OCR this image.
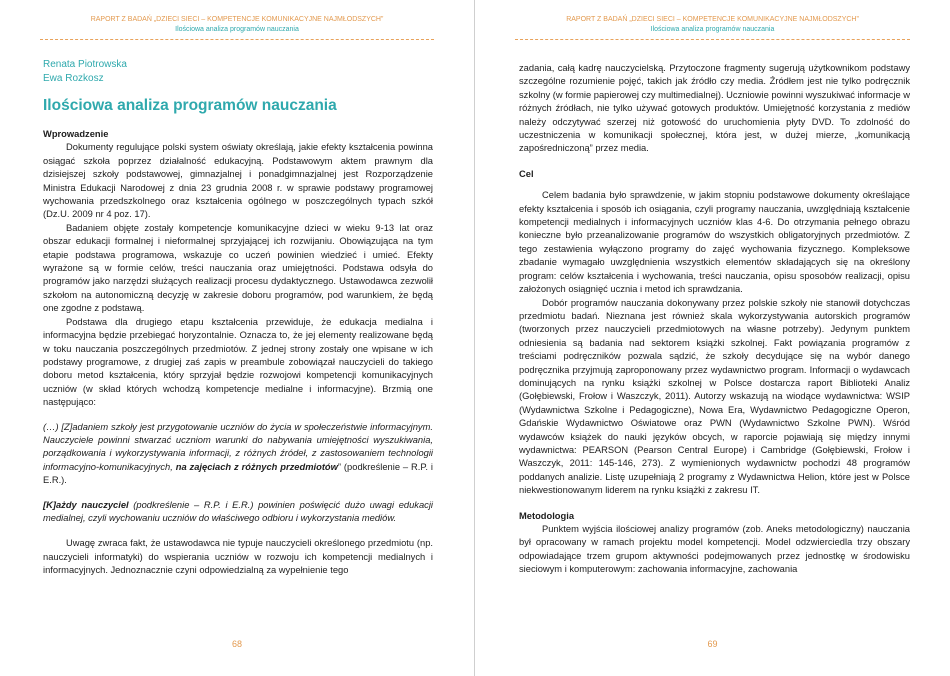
RAPORT Z BADAŃ „DZIECI SIECI – KOMPETENCJE KOMUNIKACYJNE NAJMŁODSZYCH”
Ilościowa analiza programów nauczania
Renata Piotrowska
Ewa Rozkosz
Ilościowa analiza programów nauczania

Wprowadzenie

Dokumenty regulujące polski system oświaty określają, jakie efekty kształcenia powinna osiągać szkoła poprzez działalność edukacyjną. Podstawowym aktem prawnym dla dzisiejszej szkoły podstawowej, gimnazjalnej i ponadgimnazjalnej jest Rozporządzenie Ministra Edukacji Narodowej z dnia 23 grudnia 2008 r. w sprawie podstawy programowej wychowania przedszkolnego oraz kształcenia ogólnego w poszczególnych typach szkół (Dz.U. 2009 nr 4 poz. 17).

Badaniem objęte zostały kompetencje komunikacyjne dzieci w wieku 9-13 lat oraz obszar edukacji formalnej i nieformalnej sprzyjającej ich rozwijaniu. Obowiązująca na tym etapie podstawa programowa, wskazuje co uczeń powinien wiedzieć i umieć. Efekty wyrażone są w formie celów, treści nauczania oraz umiejętności. Podstawa odsyła do programów jako narzędzi służących realizacji procesu dydaktycznego. Ustawodawca zezwolił szkołom na autonomiczną decyzję w zakresie doboru programów, pod warunkiem, że będą one zgodne z podstawą.

Podstawa dla drugiego etapu kształcenia przewiduje, że edukacja medialna i informacyjna będzie przebiegać horyzontalnie. Oznacza to, że jej elementy realizowane będą w toku nauczania poszczególnych przedmiotów. Z jednej strony zostały one wpisane w ich podstawy programowe, z drugiej zaś zapis w preambule zobowiązał nauczycieli do takiego doboru metod kształcenia, który sprzyjał będzie rozwojowi kompetencji komunikacyjnych uczniów (w skład których wchodzą kompetencje medialne i informacyjne). Brzmią one następująco:

(…) [Z]adaniem szkoły jest przygotowanie uczniów do życia w społeczeństwie informacyjnym. Nauczyciele powinni stwarzać uczniom warunki do nabywania umiejętności wyszukiwania, porządkowania i wykorzystywania informacji, z różnych źródeł, z zastosowaniem technologii informacyjno-komunikacyjnych, na zajęciach z różnych przedmiotów” (podkreślenie – R.P. i E.R.).

[K]ażdy nauczyciel (podkreślenie – R.P. i E.R.) powinien poświęcić dużo uwagi edukacji medialnej, czyli wychowaniu uczniów do właściwego odbioru i wykorzystania mediów.

Uwagę zwraca fakt, że ustawodawca nie typuje nauczycieli określonego przedmiotu (np. nauczycieli informatyki) do wspierania uczniów w rozwoju ich kompetencji medialnych i informacyjnych. Jednoznacznie czyni odpowiedzialną za wypełnienie tego

68
RAPORT Z BADAŃ „DZIECI SIECI – KOMPETENCJE KOMUNIKACYJNE NAJMŁODSZYCH”
Ilościowa analiza programów nauczania

zadania, całą kadrę nauczycielską. Przytoczone fragmenty sugerują użytkownikom podstawy szczególne rozumienie pojęć, takich jak źródło czy media. Źródłem jest nie tylko podręcznik szkolny (w formie papierowej czy multimedialnej). Uczniowie powinni wyszukiwać informacje w różnych źródłach, nie tylko używać gotowych produktów. Umiejętność korzystania z mediów należy odczytywać szerzej niż gotowość do uruchomienia płyty DVD. To zdolność do uczestniczenia w komunikacji społecznej, która jest, w dużej mierze, „komunikacją zapośredniczoną” przez media.

Cel

Celem badania było sprawdzenie, w jakim stopniu podstawowe dokumenty określające efekty kształcenia i sposób ich osiągania, czyli programy nauczania, uwzględniają kształcenie kompetencji medialnych i informacyjnych uczniów klas 4-6. Do otrzymania pełnego obrazu konieczne było przeanalizowanie programów do wszystkich obligatoryjnych przedmiotów. Z tego zestawienia wyłączono programy do zajęć wychowania fizycznego. Kompleksowe zbadanie wymagało uwzględnienia wszystkich elementów składających się na określony program: celów kształcenia i wychowania, treści nauczania, opisu sposobów realizacji, opisu założonych osiągnięć ucznia i metod ich sprawdzania.

Dobór programów nauczania dokonywany przez polskie szkoły nie stanowił dotychczas przedmiotu badań. Nieznana jest również skala wykorzystywania autorskich programów (tworzonych przez nauczycieli przedmiotowych na własne potrzeby). Jedynym punktem odniesienia są badania nad sektorem książki szkolnej. Fakt powiązania programów z treściami podręczników pozwala sądzić, że szkoły decydujące się na wybór danego podręcznika przyjmują zaproponowany przez wydawnictwo program. Informacji o wydawcach dominujących na rynku książki szkolnej w Polsce dostarcza raport Biblioteki Analiz (Gołębiewski, Frołow i Waszczyk, 2011). Autorzy wskazują na wiodące wydawnictwa: WSIP (Wydawnictwa Szkolne i Pedagogiczne), Nowa Era, Wydawnictwo Pedagogiczne Operon, Gdańskie Wydawnictwo Oświatowe oraz PWN (Wydawnictwo Szkolne PWN). Wśród wydawców książek do nauki języków obcych, w raporcie pojawiają się między innymi wydawnictwa: PEARSON (Pearson Central Europe) i Cambridge (Gołębiewski, Frołow i Waszczyk, 2011: 145-146, 273). Z wymienionych wydawnictw pochodzi 48 programów poddanych analizie. Listę uzupełniają 2 programy z Wydawnictwa Helion, które jest w Polsce niekwestionowanym liderem na rynku książki z zakresu IT.

Metodologia

Punktem wyjścia ilościowej analizy programów (zob. Aneks metodologiczny) nauczania był opracowany w ramach projektu model kompetencji. Model odzwierciedla trzy obszary odpowiadające trzem grupom aktywności podejmowanych przez jednostkę w środowisku sieciowym i komputerowym: zachowania informacyjne, zachowania

69
